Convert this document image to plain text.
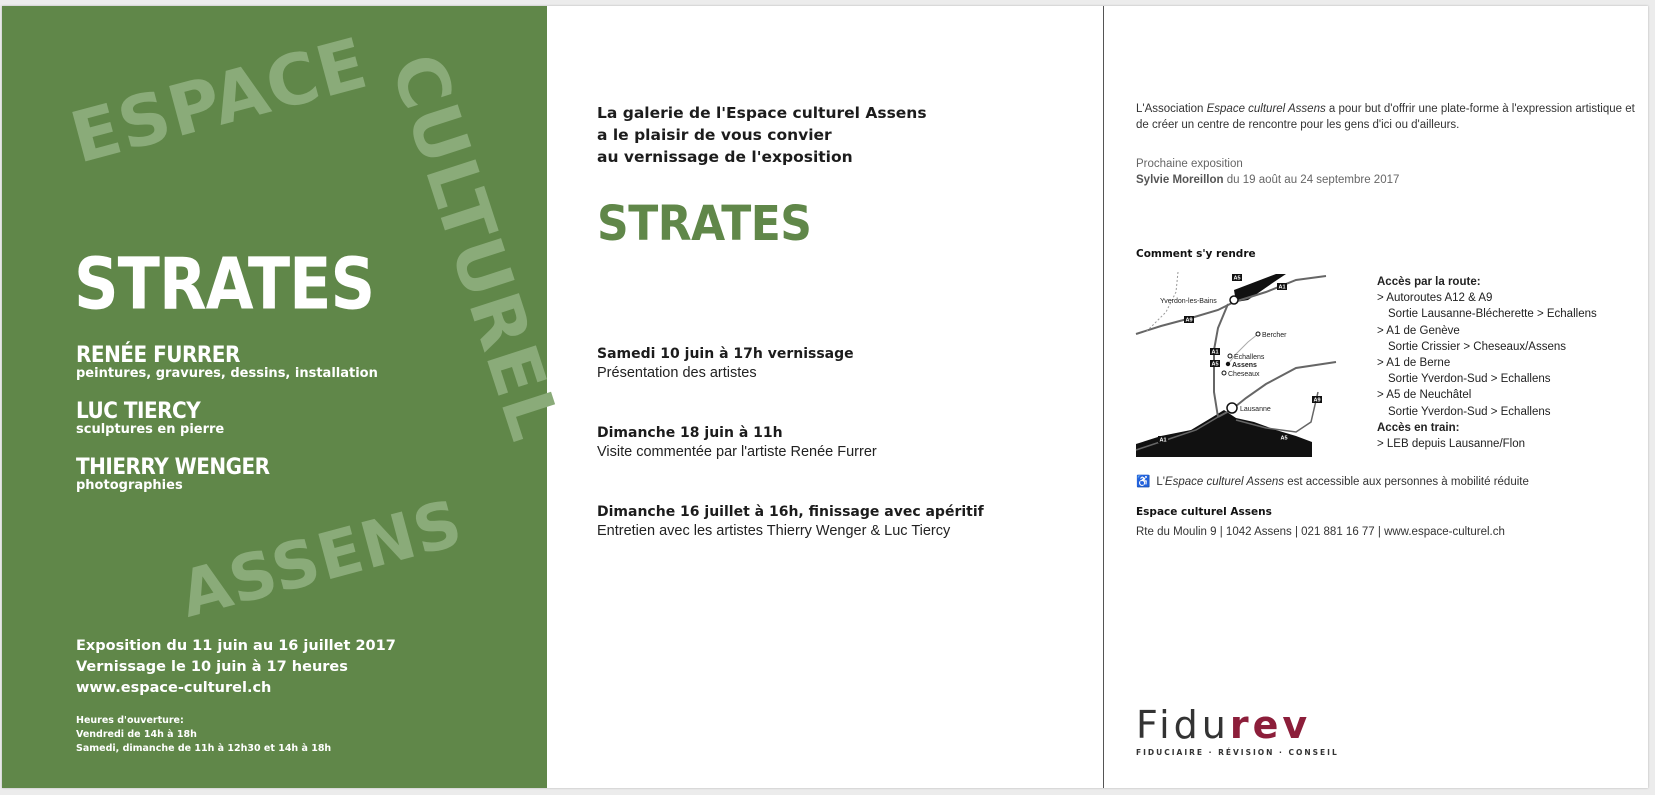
ESPACE
CULTUREL
ASSENS
STRATES
RENÉE FURRER
peintures, gravures, dessins, installation
LUC TIERCY
sculptures en pierre
THIERRY WENGER
photographies
Exposition du 11 juin au 16 juillet 2017
Vernissage le 10 juin à 17 heures
www.espace-culturel.ch
Heures d'ouverture:
Vendredi de 14h à 18h
Samedi, dimanche de 11h à 12h30 et 14h à 18h
La galerie de l'Espace culturel Assens
a le plaisir de vous convier
au vernissage de l'exposition
STRATES
Samedi 10 juin à 17h vernissage
Présentation des artistes
Dimanche 18 juin à 11h
Visite commentée par l'artiste Renée Furrer
Dimanche 16 juillet à 16h, finissage avec apéritif
Entretien avec les artistes Thierry Wenger & Luc Tiercy
L'Association Espace culturel Assens a pour but d'offrir une plate-forme à l'expression artistique et de créer un centre de rencontre pour les gens d'ici ou d'ailleurs.
Prochaine exposition
Sylvie Moreillon du 19 août au 24 septembre 2017
Comment s'y rendre
Yverdon-les-Bains
Bercher
Echallens
Assens
Cheseaux
Lausanne
A5
A1
A9
A1
A5
A9
A5
A1
Accès par la route:
> Autoroutes A12 & A9
Sortie Lausanne-Blécherette > Echallens
> A1 de Genève
Sortie Crissier > Cheseaux/Assens
> A1 de Berne
Sortie Yverdon-Sud > Echallens
> A5 de Neuchâtel
Sortie Yverdon-Sud > Echallens
Accès en train:
> LEB depuis Lausanne/Flon
♿ L'Espace culturel Assens est accessible aux personnes à mobilité réduite
Espace culturel Assens
Rte du Moulin 9 | 1042 Assens | 021 881 16 77 | www.espace-culturel.ch
Fidurev
FIDUCIAIRE · RÉVISION · CONSEIL
